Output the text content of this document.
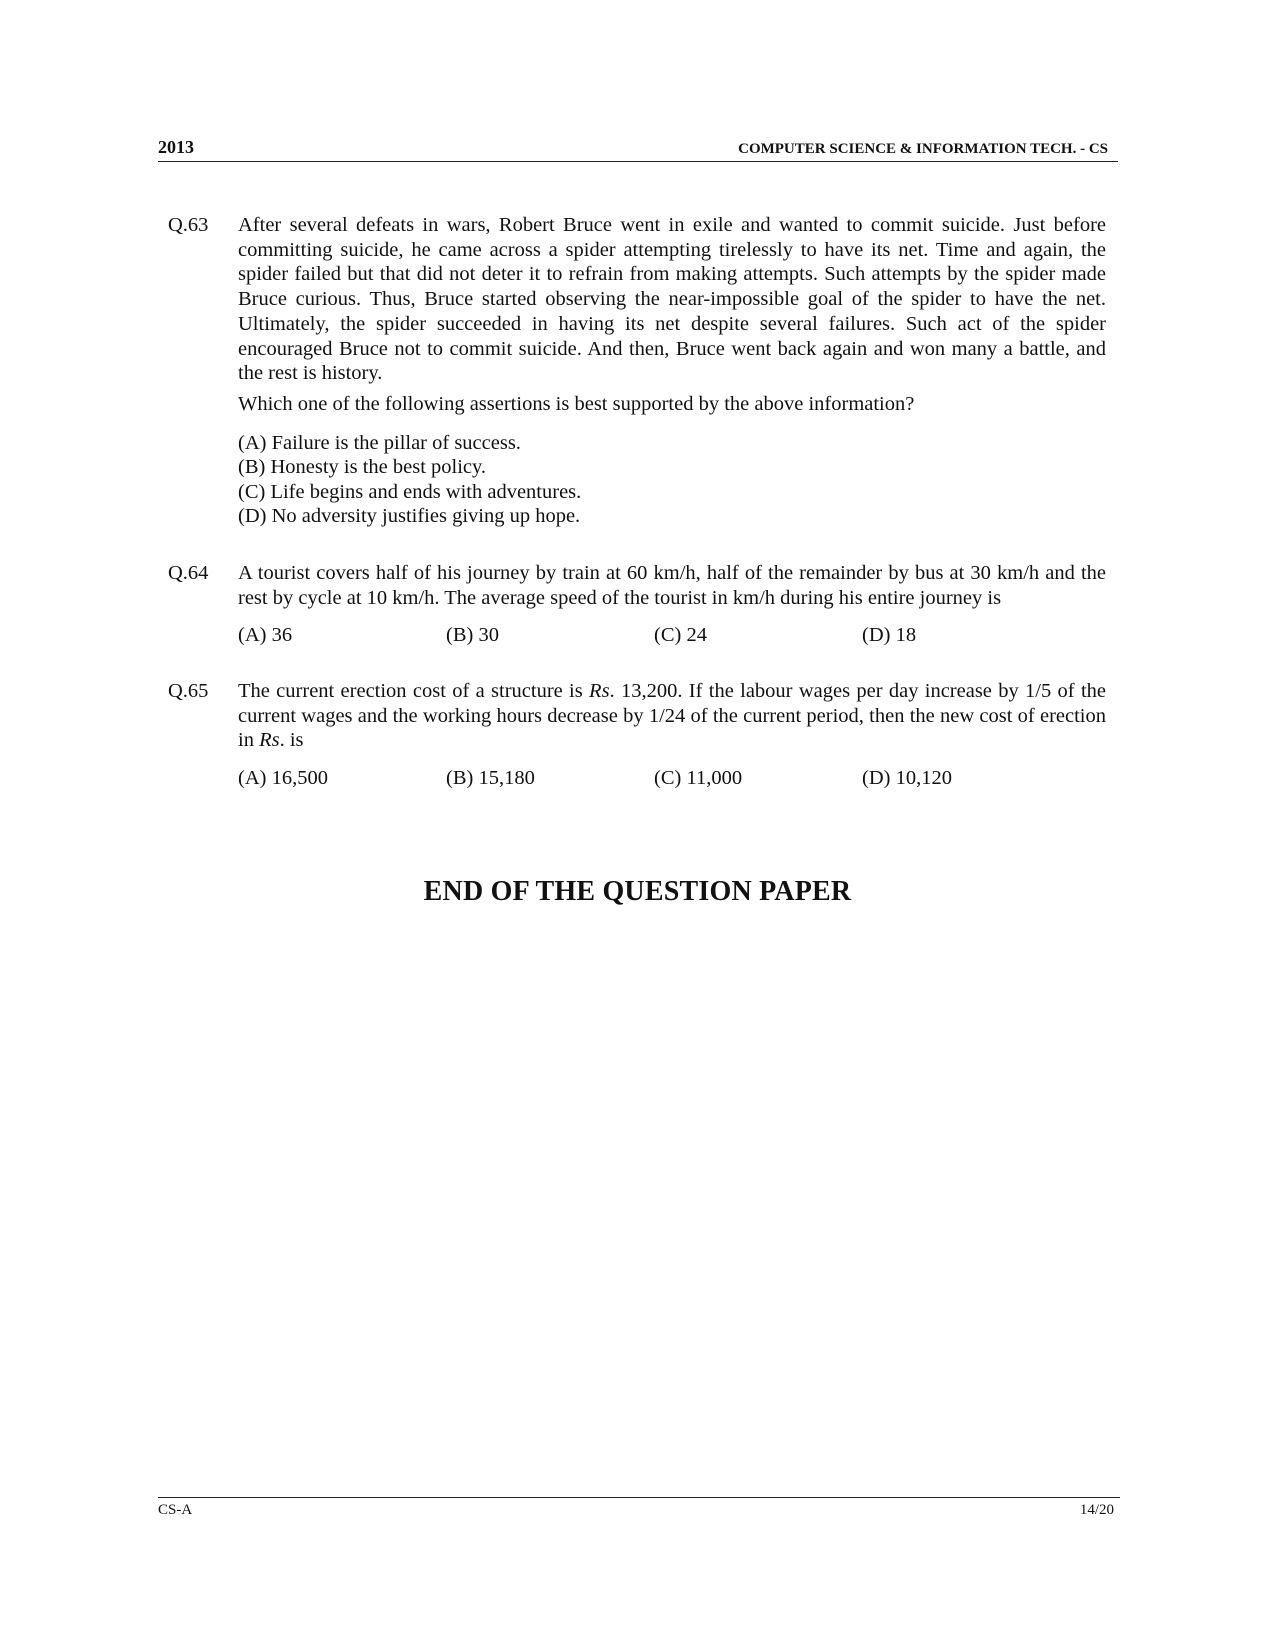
2013	COMPUTER SCIENCE & INFORMATION TECH. - CS
Q.63	After several defeats in wars, Robert Bruce went in exile and wanted to commit suicide. Just before committing suicide, he came across a spider attempting tirelessly to have its net. Time and again, the spider failed but that did not deter it to refrain from making attempts. Such attempts by the spider made Bruce curious. Thus, Bruce started observing the near-impossible goal of the spider to have the net. Ultimately, the spider succeeded in having its net despite several failures. Such act of the spider encouraged Bruce not to commit suicide. And then, Bruce went back again and won many a battle, and the rest is history.

Which one of the following assertions is best supported by the above information?

(A) Failure is the pillar of success.
(B) Honesty is the best policy.
(C) Life begins and ends with adventures.
(D) No adversity justifies giving up hope.
Q.64	A tourist covers half of his journey by train at 60 km/h, half of the remainder by bus at 30 km/h and the rest by cycle at 10 km/h. The average speed of the tourist in km/h during his entire journey is

(A) 36	(B) 30	(C) 24	(D) 18
Q.65	The current erection cost of a structure is Rs. 13,200. If the labour wages per day increase by 1/5 of the current wages and the working hours decrease by 1/24 of the current period, then the new cost of erection in Rs. is

(A) 16,500	(B) 15,180	(C) 11,000	(D) 10,120
END OF THE QUESTION PAPER
CS-A	14/20
